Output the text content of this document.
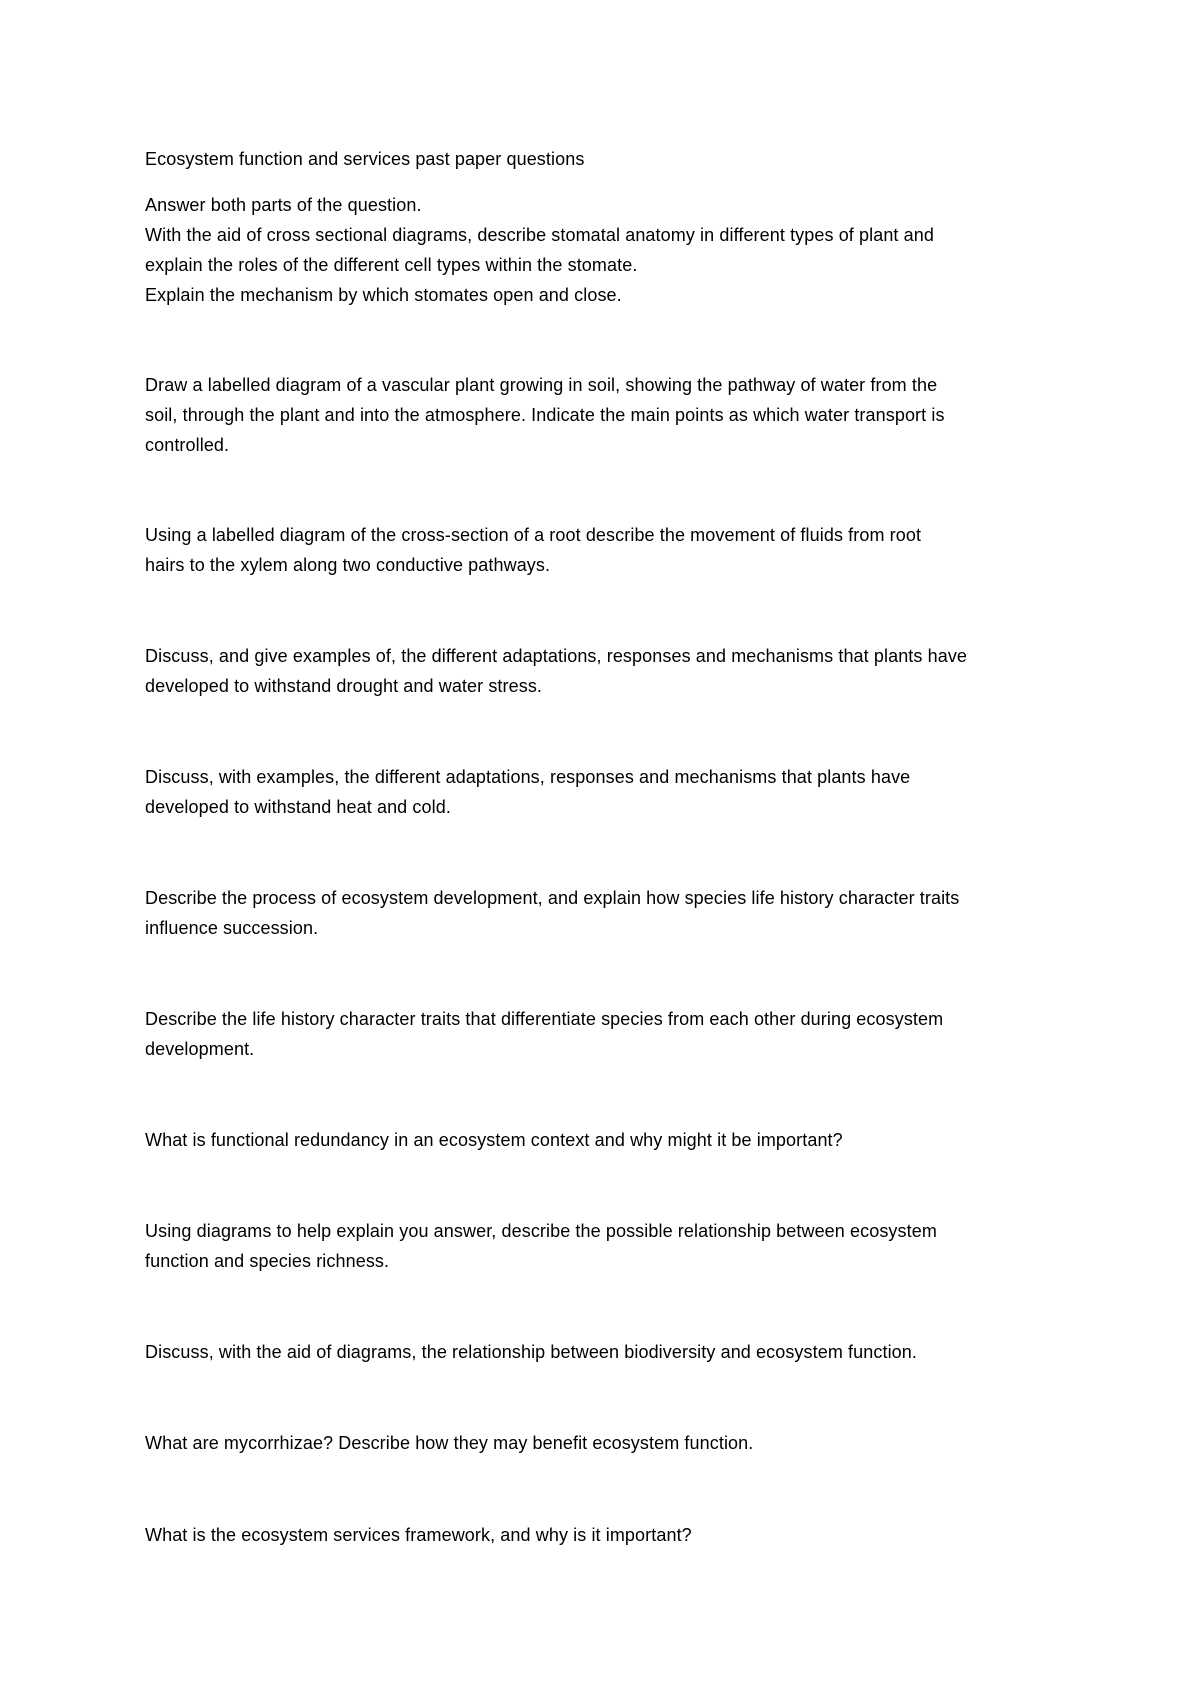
Ecosystem function and services past paper questions
Answer both parts of the question.
With the aid of cross sectional diagrams, describe stomatal anatomy in different types of plant and
explain the roles of the different cell types within the stomate.
Explain the mechanism by which stomates open and close.
Draw a labelled diagram of a vascular plant growing in soil, showing the pathway of water from the
soil, through the plant and into the atmosphere. Indicate the main points as which water transport is
controlled.
Using a labelled diagram of the cross-section of a root describe the movement of fluids from root
hairs to the xylem along two conductive pathways.
Discuss, and give examples of, the different adaptations, responses and mechanisms that plants have
developed to withstand drought and water stress.
Discuss, with examples, the different adaptations, responses and mechanisms that plants have
developed to withstand heat and cold.
Describe the process of ecosystem development, and explain how species life history character traits
influence succession.
Describe the life history character traits that differentiate species from each other during ecosystem
development.
What is functional redundancy in an ecosystem context and why might it be important?
Using diagrams to help explain you answer, describe the possible relationship between ecosystem
function and species richness.
Discuss, with the aid of diagrams, the relationship between biodiversity and ecosystem function.
What are mycorrhizae? Describe how they may benefit ecosystem function.
What is the ecosystem services framework, and why is it important?
